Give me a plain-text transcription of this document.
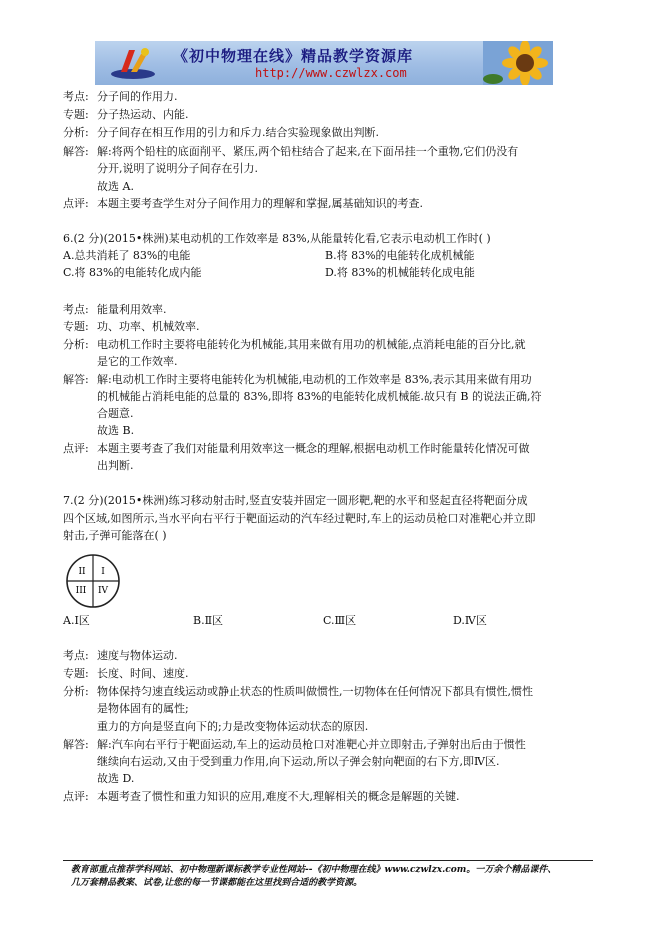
《初中物理在线》精品教学资源库
http://www.czwlzx.com
考点: 分子间的作用力.
专题: 分子热运动、内能.
分析: 分子间存在相互作用的引力和斥力.结合实验现象做出判断.
解答: 解:将两个铅柱的底面削平、紧压,两个铅柱结合了起来,在下面吊挂一个重物,它们仍没有
分开,说明了说明分子间存在引力.
故选 A.
点评: 本题主要考查学生对分子间作用力的理解和掌握,属基础知识的考查.
6.(2 分)(2015•株洲)某电动机的工作效率是 83%,从能量转化看,它表示电动机工作时( )
A.总共消耗了 83%的电能	B.将 83%的电能转化成机械能
C.将 83%的电能转化成内能	D.将 83%的机械能转化成电能
考点: 能量利用效率.
专题: 功、功率、机械效率.
分析: 电动机工作时主要将电能转化为机械能,其用来做有用功的机械能,点消耗电能的百分比,就
是它的工作效率.
解答: 解:电动机工作时主要将电能转化为机械能,电动机的工作效率是 83%,表示其用来做有用功
的机械能占消耗电能的总量的 83%,即将 83%的电能转化成机械能.故只有 B 的说法正确,符
合题意.
故选 B.
点评: 本题主要考查了我们对能量利用效率这一概念的理解,根据电动机工作时能量转化情况可做
出判断.
7.(2 分)(2015•株洲)练习移动射击时,竖直安装并固定一圆形靶,靶的水平和竖起直径将靶面分成
四个区域,如图所示,当水平向右平行于靶面运动的汽车经过靶时,车上的运动员枪口对准靶心并立即
射击,子弹可能落在( )
I
II
III IV
A.Ⅰ区	B.Ⅱ区	C.Ⅲ区	D.Ⅳ区
考点: 速度与物体运动.
专题: 长度、时间、速度.
分析: 物体保持匀速直线运动或静止状态的性质叫做惯性,一切物体在任何情况下都具有惯性,惯性
是物体固有的属性;
重力的方向是竖直向下的;力是改变物体运动状态的原因.
解答: 解:汽车向右平行于靶面运动,车上的运动员枪口对准靶心并立即射击,子弹射出后由于惯性
继续向右运动,又由于受到重力作用,向下运动,所以子弹会射向靶面的右下方,即Ⅳ区.
故选 D.
点评: 本题考查了惯性和重力知识的应用,难度不大,理解相关的概念是解题的关键.
教育部重点推荐学科网站、初中物理新课标教学专业性网站--《初中物理在线》www.czwlzx.com。一万余个精品课件、
几万套精品教案、试卷,让您的每一节课都能在这里找到合适的教学资源。
